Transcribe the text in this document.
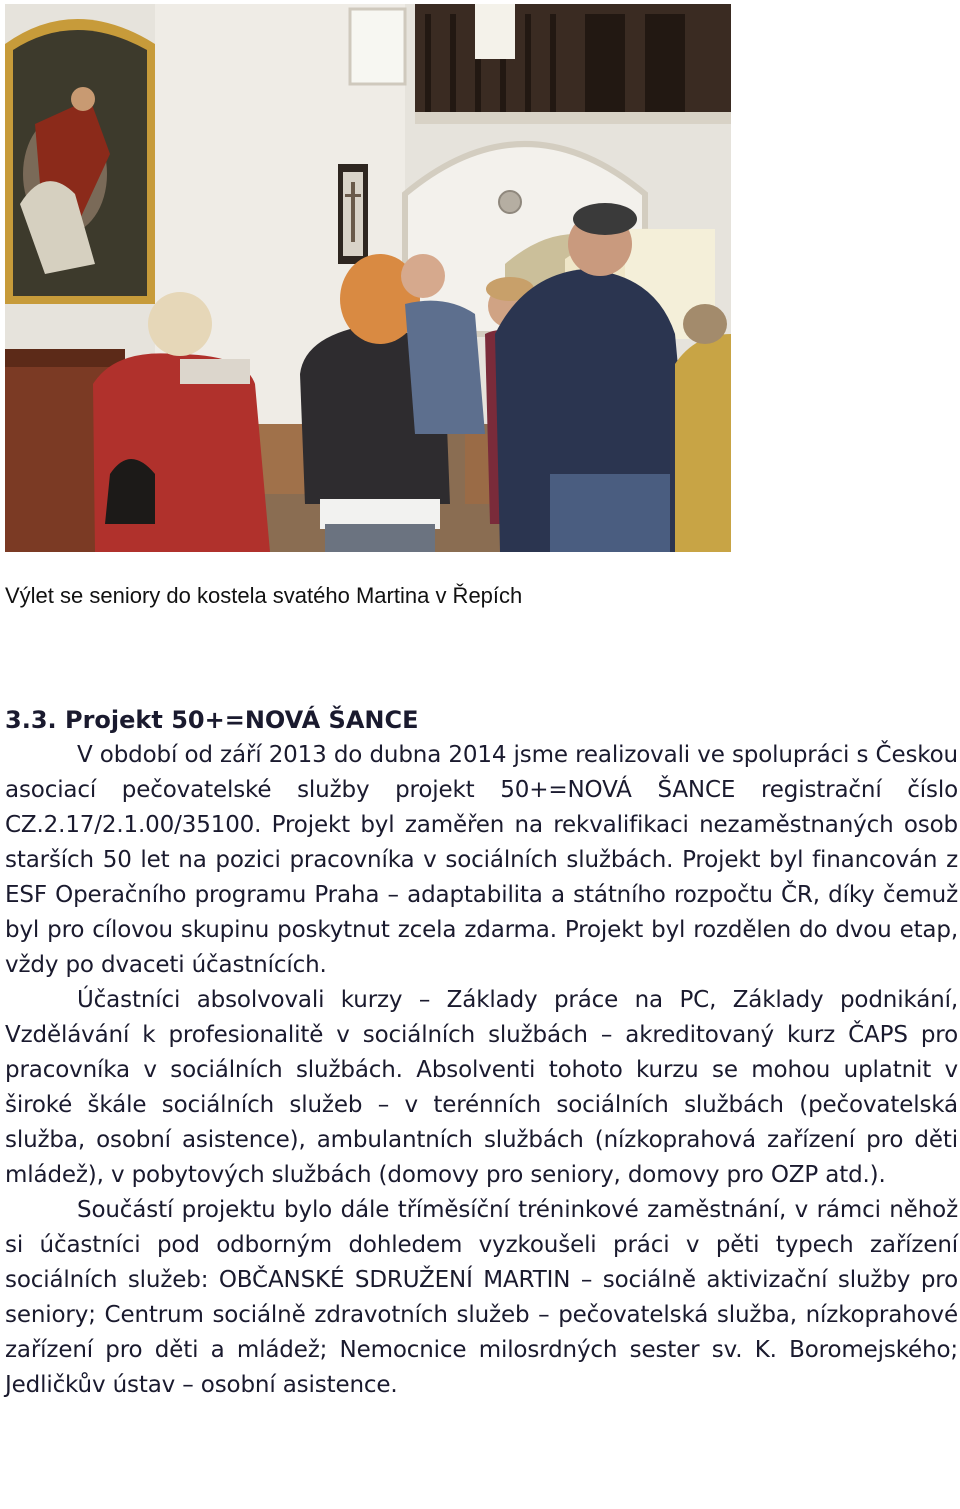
Výlet se seniory do kostela svatého Martina v Řepích
3.3. Projekt 50+=NOVÁ ŠANCE

V období od září 2013 do dubna 2014 jsme realizovali ve spolupráci s Českou asociací pečovatelské služby projekt 50+=NOVÁ ŠANCE registrační číslo CZ.2.17/2.1.00/35100. Projekt byl zaměřen na rekvalifikaci nezaměstnaných osob starších 50 let na pozici pracovníka v sociálních službách. Projekt byl financován z ESF Operačního programu Praha – adaptabilita a státního rozpočtu ČR, díky čemuž byl pro cílovou skupinu poskytnut zcela zdarma. Projekt byl rozdělen do dvou etap, vždy po dvaceti účastnících.

Účastníci absolvovali kurzy – Základy práce na PC, Základy podnikání, Vzdělávání k profesionalitě v sociálních službách – akreditovaný kurz ČAPS pro pracovníka v sociálních službách. Absolventi tohoto kurzu se mohou uplatnit v široké škále sociálních služeb – v terénních sociálních službách (pečovatelská služba, osobní asistence), ambulantních službách (nízkoprahová zařízení pro děti mládež), v pobytových službách (domovy pro seniory, domovy pro OZP atd.).

Součástí projektu bylo dále tříměsíční tréninkové zaměstnání, v rámci něhož si účastníci pod odborným dohledem vyzkoušeli práci v pěti typech zařízení sociálních služeb: OBČANSKÉ SDRUŽENÍ MARTIN – sociálně aktivizační služby pro seniory; Centrum sociálně zdravotních služeb – pečovatelská služba, nízkoprahové zařízení pro děti a mládež; Nemocnice milosrdných sester sv. K. Boromejského; Jedličkův ústav – osobní asistence.
